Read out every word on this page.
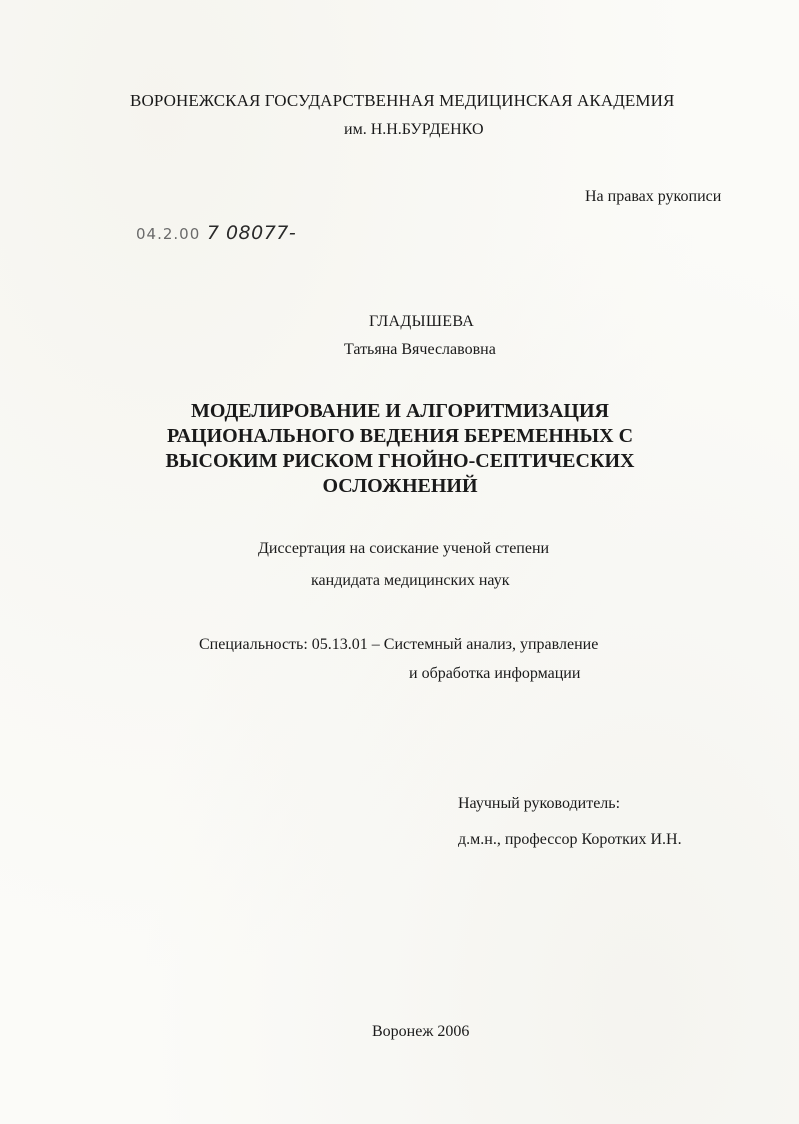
ВОРОНЕЖСКАЯ ГОСУДАРСТВЕННАЯ МЕДИЦИНСКАЯ АКАДЕМИЯ
им. Н.Н.БУРДЕНКО
На правах рукописи
04.2.00 7 08077-
ГЛАДЫШЕВА
Татьяна Вячеславовна
МОДЕЛИРОВАНИЕ И АЛГОРИТМИЗАЦИЯ
РАЦИОНАЛЬНОГО ВЕДЕНИЯ БЕРЕМЕННЫХ С
ВЫСОКИМ РИСКОМ ГНОЙНО-СЕПТИЧЕСКИХ
ОСЛОЖНЕНИЙ
Диссертация на соискание ученой степени
кандидата медицинских наук
Специальность: 05.13.01 – Системный анализ, управление
и обработка информации
Научный руководитель:
д.м.н., профессор Коротких И.Н.
Воронеж 2006
